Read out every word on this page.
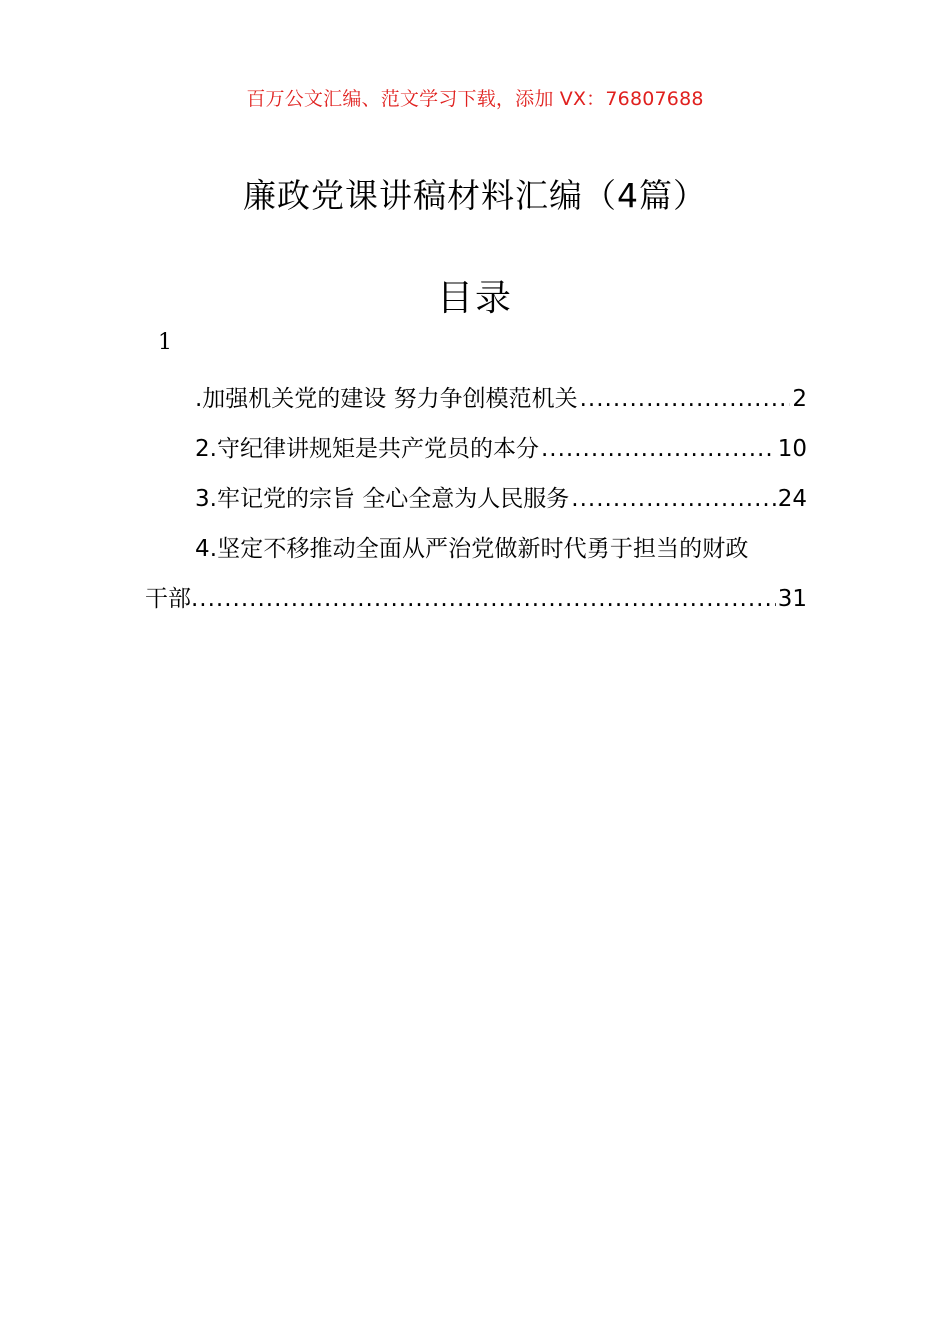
百万公文汇编、范文学习下载，添加 VX：76807688
廉政党课讲稿材料汇编（4篇）
目录
1
.加强机关党的建设 努力争创模范机关 .....	2
2.守纪律讲规矩是共产党员的本分 .....	10
3.牢记党的宗旨 全心全意为人民服务 .....	24
4.坚定不移推动全面从严治党做新时代勇于担当的财政
干部 .....	31
